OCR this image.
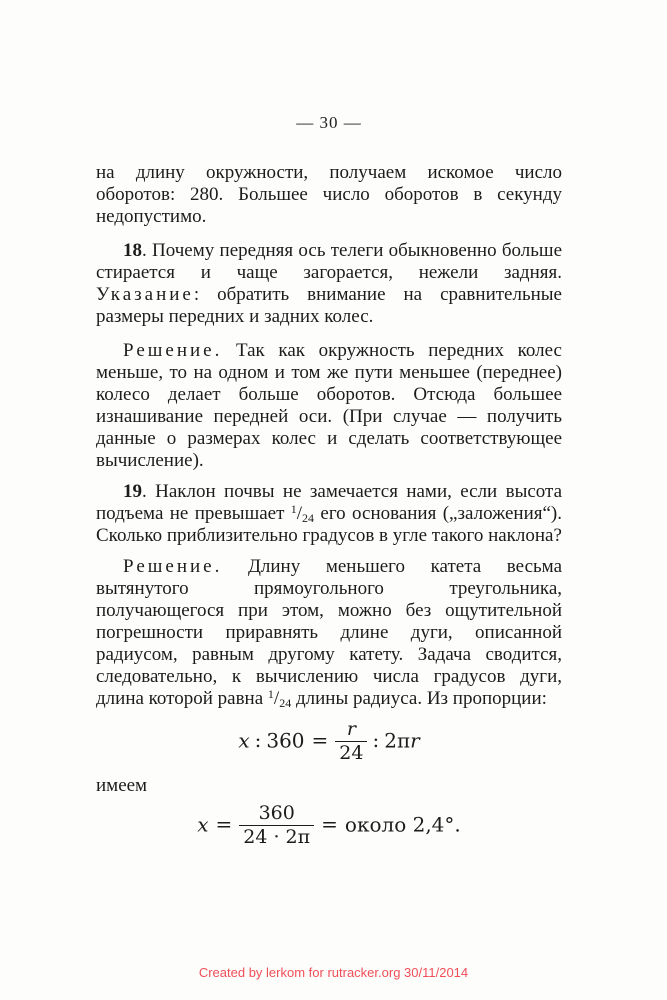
— 30 —

на длину окружности, получаем искомое число оборотов: 280. Большее число оборотов в секунду недопустимо.

18. Почему передняя ось телеги обыкновенно больше стирается и чаще загорается, нежели задняя. Указание: обратить внимание на сравнительные размеры передних и задних колес.

Решение. Так как окружность передних колес меньше, то на одном и том же пути меньшее (переднее) колесо делает больше оборотов. Отсюда большее изнашивание передней оси. (При случае — получить данные о размерах колес и сделать соответствующее вычисление).

19. Наклон почвы не замечается нами, если высота подъема не превышает $^1/_{24}$ его основания („заложения“). Сколько приблизительно градусов в угле такого наклона?

Решение. Длину меньшего катета весьма вытянутого прямоугольного треугольника, получающегося при этом, можно без ощутительной погрешности приравнять длине дуги, описанной радиусом, равным другому катету. Задача сводится, следовательно, к вычислению числа градусов дуги, длина которой равна $^1/_{24}$ длины радиуса. Из пропорции:

x : $360 = \frac{r}{24}$ : 2πr

имеем

$x = \frac{360}{24 \cdot 2\pi}$ = около 2,4°.
Created by lerkom for rutracker.org 30/11/2014
